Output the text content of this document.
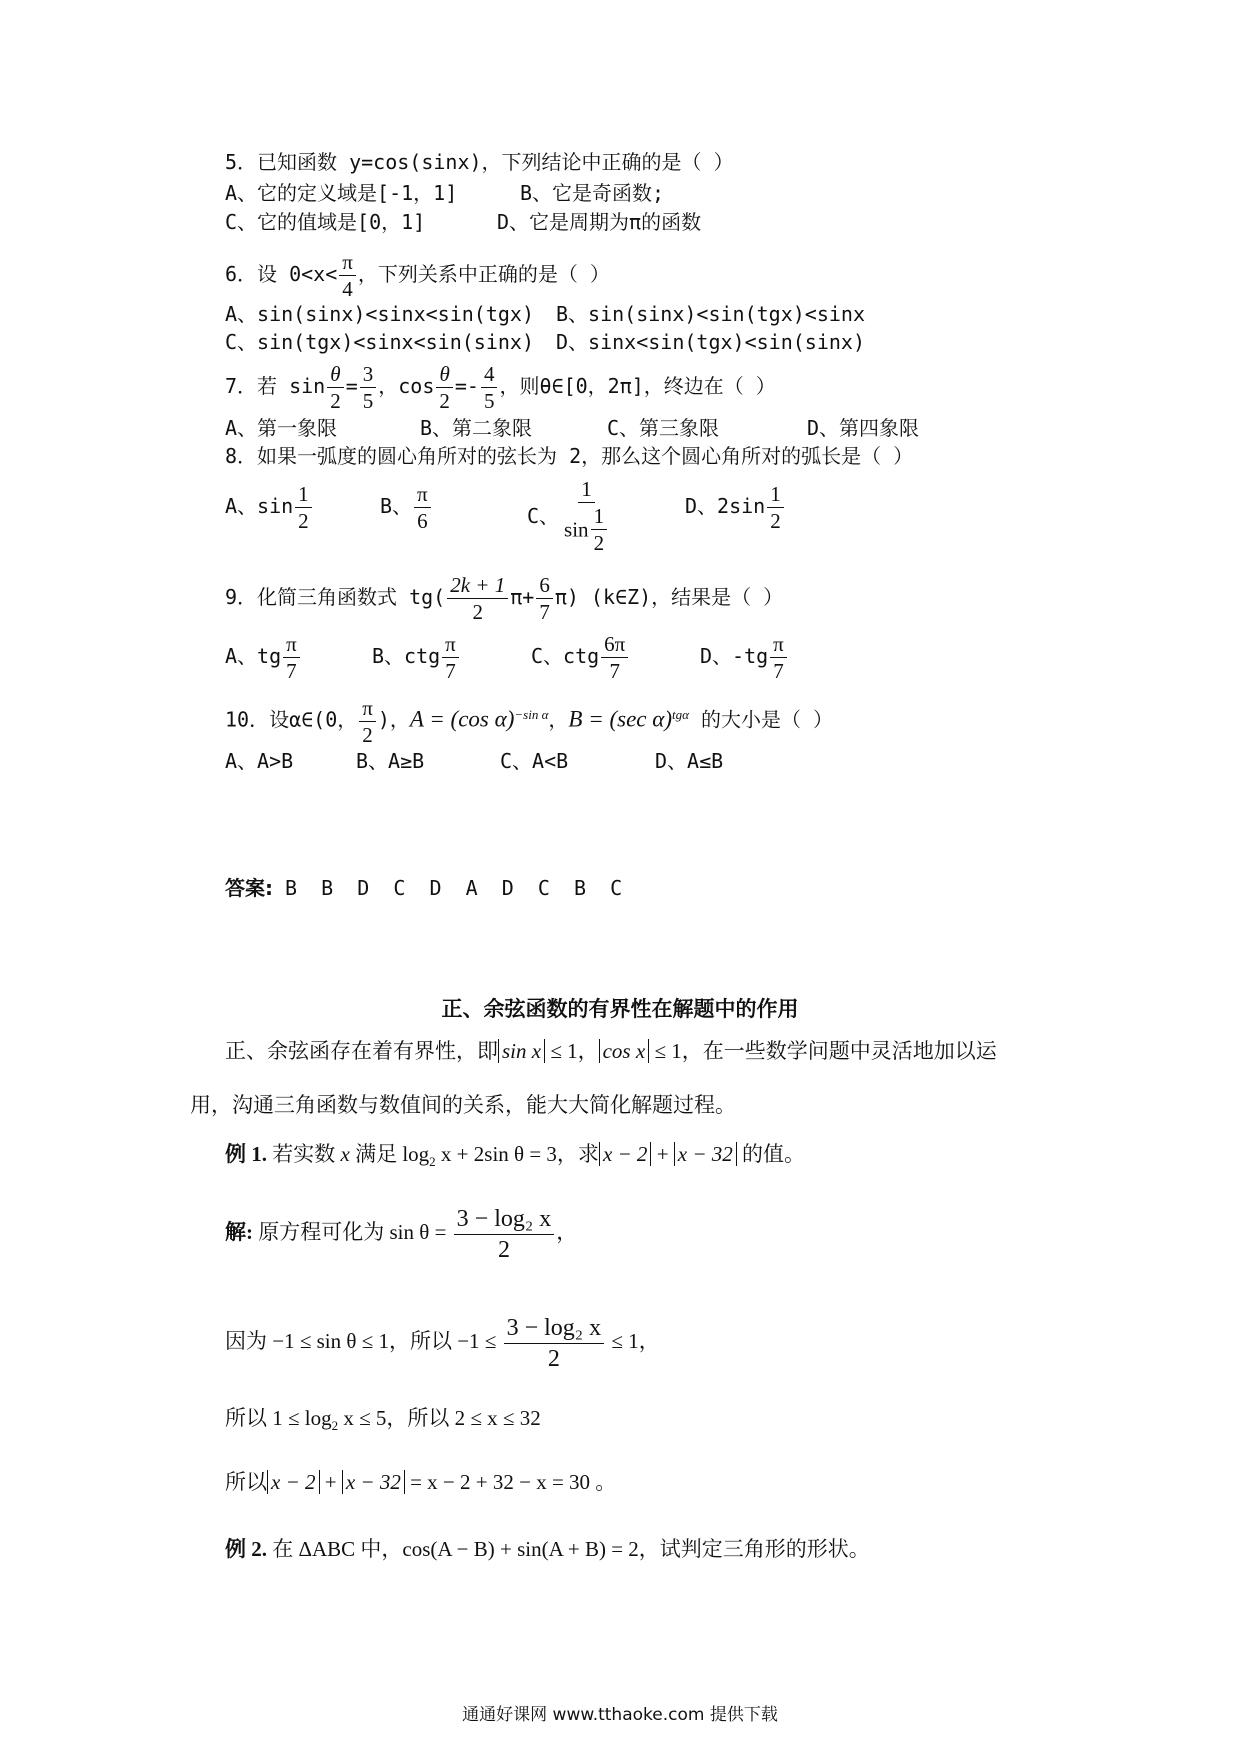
5．已知函数 y=cos(sinx)，下列结论中正确的是（ ）
A、它的定义域是[-1，1]	B、它是奇函数;
C、它的值域是[0，1]	D、它是周期为π的函数
6．设 $0<x< \frac{\pi}{4}$ ，下列关系中正确的是（ ）
A、sin(sinx)<sinx<sin(tgx) B、sin(sinx)<sin(tgx)<sinx
C、sin(tgx)<sinx<sin(sinx) D、sinx<sin(tgx)<sin(sinx)
7．若 $\sin \frac{\theta}{2} = \frac{3}{5}$ ，$\cos \frac{\theta}{2} =- \frac{4}{5}$ ，则θ∈[0，2π]，终边在（ ）
A、第一象限	B、第二象限	C、第三象限	D、第四象限
8．如果一弧度的圆心角所对的弦长为 2，那么这个圆心角所对的弧长是（ ）
A、$\sin \frac{1}{2}$	B、 $\frac{\pi}{6}$	C、 $\frac{1}{\sin \frac{1}{2}}$	D、$2\sin \frac{1}{2}$
9．化简三角函数式 $tg( \frac{2k + 1}{2} \pi+ \frac{6}{7} \pi)$ (k∈Z)，结果是（ ）
A、tg $\frac{\pi}{7}$	B、ctg $\frac{\pi}{7}$	C、ctg $\frac{6\pi}{7}$	D、$-tg \frac{\pi}{7}$
10．设α∈(0， $\frac{\pi}{2}$ )，A = (cos α)$^{-sin \alpha}$，B = (sec α)$^{tg\alpha}$ 的大小是（ ）
A、A>B	B、A≥B	C、A<B	D、A≤B
答案: B  B  D  C  D  A  D  C  B  C
正、余弦函数的有界性在解题中的作用
正、余弦函存在着有界性，即 sin x ≤ 1， cos x ≤ 1，在一些数学问题中灵活地加以运
用，沟通三角函数与数值间的关系，能大大简化解题过程。
例 1. 若实数 x 满足 $\log_2 x + 2\sin$ θ = 3，求 x − 2 + x − 32 的值。
解: 原方程可化为 $\sin \theta = \frac{\text{3 − log₂ x}}{2}$ ，
因为 −1 ≤ sin θ ≤ 1，所以 $-1 \le \frac{\text{3 − log₂ x}}{2} \le 1$，
所以 $1 \le \log_2 x \le 5$，所以 2 ≤ x ≤ 32
所以 x − 2 + x − 32 = x − 2 + 32 − x = 30 。
例 2. 在 ΔABC 中，cos(A − B) + sin(A + B) = 2，试判定三角形的形状。
通通好课网 www.tthaoke.com 提供下载
